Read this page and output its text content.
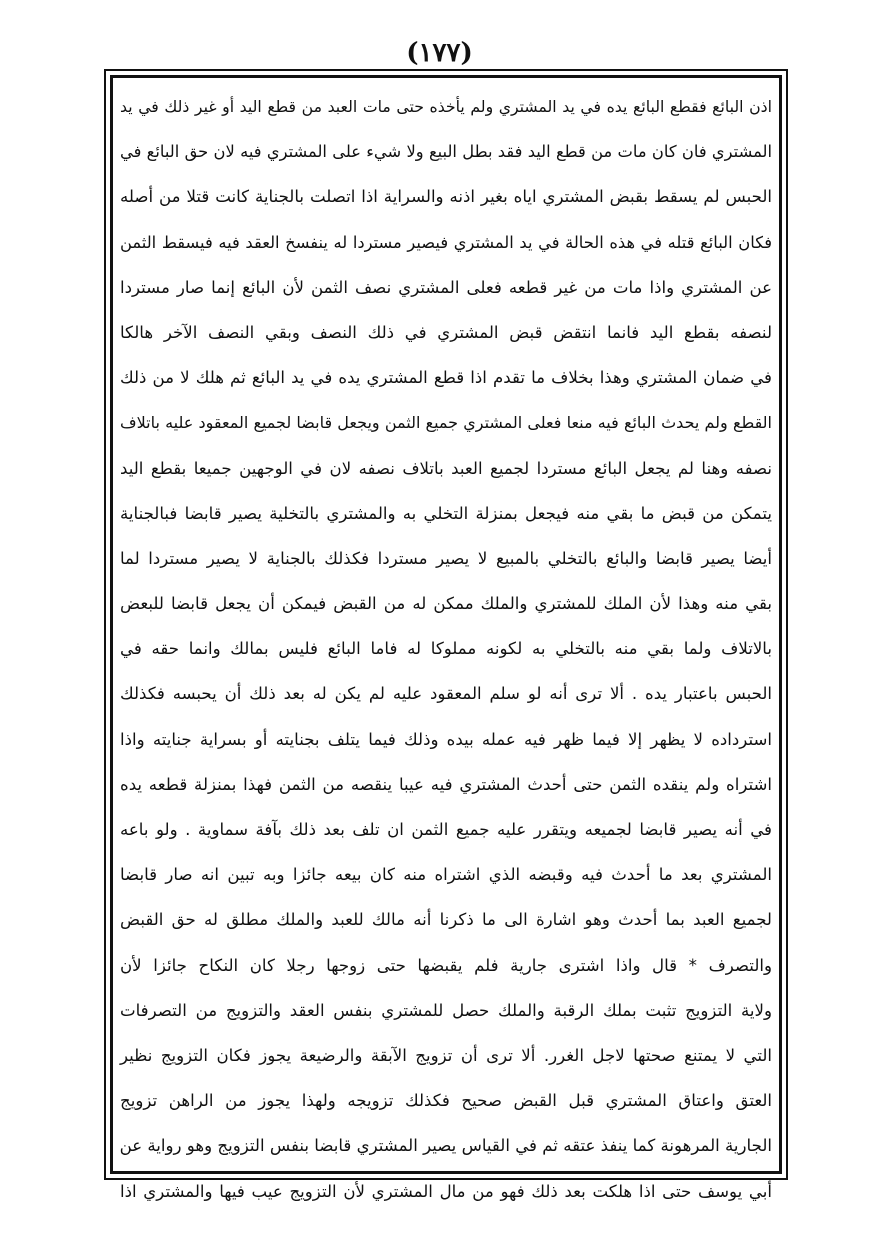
(۱۷۷)
اذن البائع فقطع البائع يده في يد المشتري ولم يأخذه حتى مات العبد من قطع اليد أو غير ذلك في يد
المشتري فان كان مات من قطع اليد فقد بطل البيع ولا شيء على المشتري فيه لان حق البائع في
الحبس لم يسقط بقبض المشتري اياه بغير اذنه والسراية اذا اتصلت بالجناية كانت قتلا من أصله
فكان البائع قتله في هذه الحالة في يد المشتري فيصير مستردا له ينفسخ العقد فيه فيسقط الثمن
عن المشتري واذا مات من غير قطعه فعلى المشتري نصف الثمن لأن البائع إنما صار مستردا
لنصفه بقطع اليد فانما انتقض قبض المشتري في ذلك النصف وبقي النصف الآخر هالكا
في ضمان المشتري وهذا بخلاف ما تقدم اذا قطع المشتري يده في يد البائع ثم هلك لا من ذلك
القطع ولم يحدث البائع فيه منعا فعلى المشتري جميع الثمن ويجعل قابضا لجميع المعقود عليه باتلاف
نصفه وهنا لم يجعل البائع مستردا لجميع العبد باتلاف نصفه لان في الوجهين جميعا بقطع اليد
يتمكن من قبض ما بقي منه فيجعل بمنزلة التخلي به والمشتري بالتخلية يصير قابضا فبالجناية
أيضا يصير قابضا والبائع بالتخلي بالمبيع لا يصير مستردا فكذلك بالجناية لا يصير مستردا لما
بقي منه وهذا لأن الملك للمشتري والملك ممكن له من القبض فيمكن أن يجعل قابضا للبعض
بالاتلاف ولما بقي منه بالتخلي به لكونه مملوكا له فاما البائع فليس بمالك وانما حقه في
الحبس باعتبار يده . ألا ترى أنه لو سلم المعقود عليه لم يكن له بعد ذلك أن يحبسه فكذلك
استرداده لا يظهر إلا فيما ظهر فيه عمله بيده وذلك فيما يتلف بجنايته أو بسراية جنايته واذا
اشتراه ولم ينقده الثمن حتى أحدث المشتري فيه عيبا ينقصه من الثمن فهذا بمنزلة قطعه يده
في أنه يصير قابضا لجميعه ويتقرر عليه جميع الثمن ان تلف بعد ذلك بآفة سماوية . ولو باعه
المشتري بعد ما أحدث فيه وقبضه الذي اشتراه منه كان بيعه جائزا وبه تبين انه صار قابضا
لجميع العبد بما أحدث وهو اشارة الى ما ذكرنا أنه مالك للعبد والملك مطلق له حق القبض
والتصرف * قال واذا اشترى جارية فلم يقبضها حتى زوجها رجلا كان النكاح جائزا لأن
ولاية التزويج تثبت بملك الرقبة والملك حصل للمشتري بنفس العقد والتزويج من التصرفات
التي لا يمتنع صحتها لاجل الغرر. ألا ترى أن تزويج الآبقة والرضيعة يجوز فكان التزويج نظير
العتق واعتاق المشتري قبل القبض صحيح فكذلك تزويجه ولهذا يجوز من الراهن تزويج
الجارية المرهونة كما ينفذ عتقه ثم في القياس يصير المشتري قابضا بنفس التزويج وهو رواية عن
أبي يوسف حتى اذا هلكت بعد ذلك فهو من مال المشتري لأن التزويج عيب فيها والمشتري اذا
